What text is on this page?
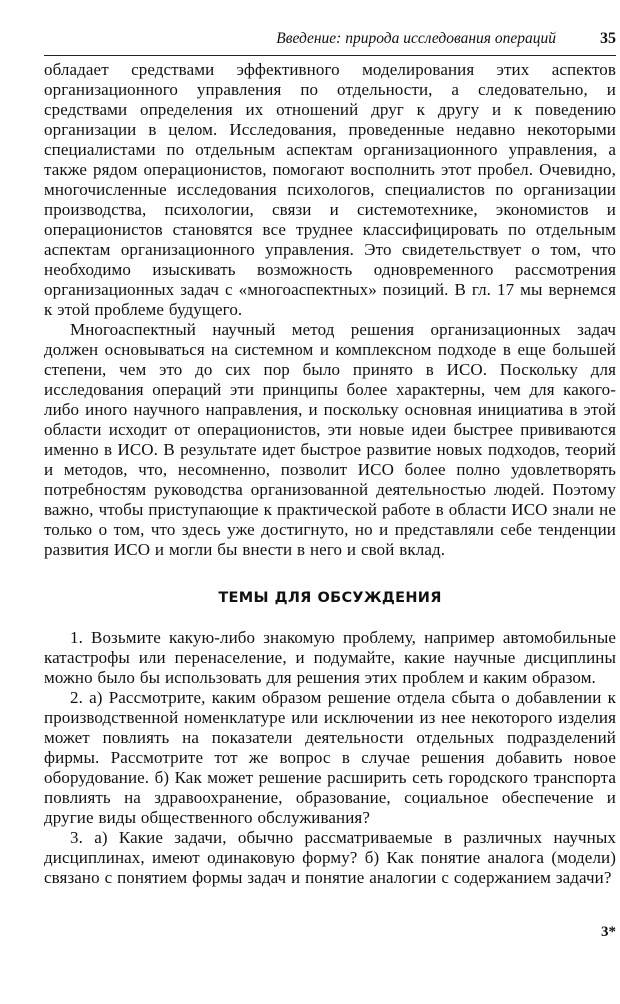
Введение: природа исследования операций	35

обладает средствами эффективного моделирования этих аспектов организационного управления по отдельности, а следовательно, и средствами определения их отношений друг к другу и к поведению организации в целом. Исследования, проведенные недавно некоторыми специалистами по отдельным аспектам организационного управления, а также рядом операционистов, помогают восполнить этот пробел. Очевидно, многочисленные исследования психологов, специалистов по организации производства, психологии, связи и системотехнике, экономистов и операционистов становятся все труднее классифицировать по отдельным аспектам организационного управления. Это свидетельствует о том, что необходимо изыскивать возможность одновременного рассмотрения организационных задач с «многоаспектных» позиций. В гл. 17 мы вернемся к этой проблеме будущего.

Многоаспектный научный метод решения организационных задач должен основываться на системном и комплексном подходе в еще большей степени, чем это до сих пор было принято в ИСО. Поскольку для исследования операций эти принципы более характерны, чем для какого-либо иного научного направления, и поскольку основная инициатива в этой области исходит от операционистов, эти новые идеи быстрее прививаются именно в ИСО. В результате идет быстрое развитие новых подходов, теорий и методов, что, несомненно, позволит ИСО более полно удовлетворять потребностям руководства организованной деятельностью людей. Поэтому важно, чтобы приступающие к практической работе в области ИСО знали не только о том, что здесь уже достигнуто, но и представляли себе тенденции развития ИСО и могли бы внести в него и свой вклад.

ТЕМЫ ДЛЯ ОБСУЖДЕНИЯ

1. Возьмите какую-либо знакомую проблему, например автомобильные катастрофы или перенаселение, и подумайте, какие научные дисциплины можно было бы использовать для решения этих проблем и каким образом.

2. а) Рассмотрите, каким образом решение отдела сбыта о добавлении к производственной номенклатуре или исключении из нее некоторого изделия может повлиять на показатели деятельности отдельных подразделений фирмы. Рассмотрите тот же вопрос в случае решения добавить новое оборудование. б) Как может решение расширить сеть городского транспорта повлиять на здравоохранение, образование, социальное обеспечение и другие виды общественного обслуживания?

3. а) Какие задачи, обычно рассматриваемые в различных научных дисциплинах, имеют одинаковую форму? б) Как понятие аналога (модели) связано с понятием формы задач и понятие аналогии с содержанием задачи?

3*
